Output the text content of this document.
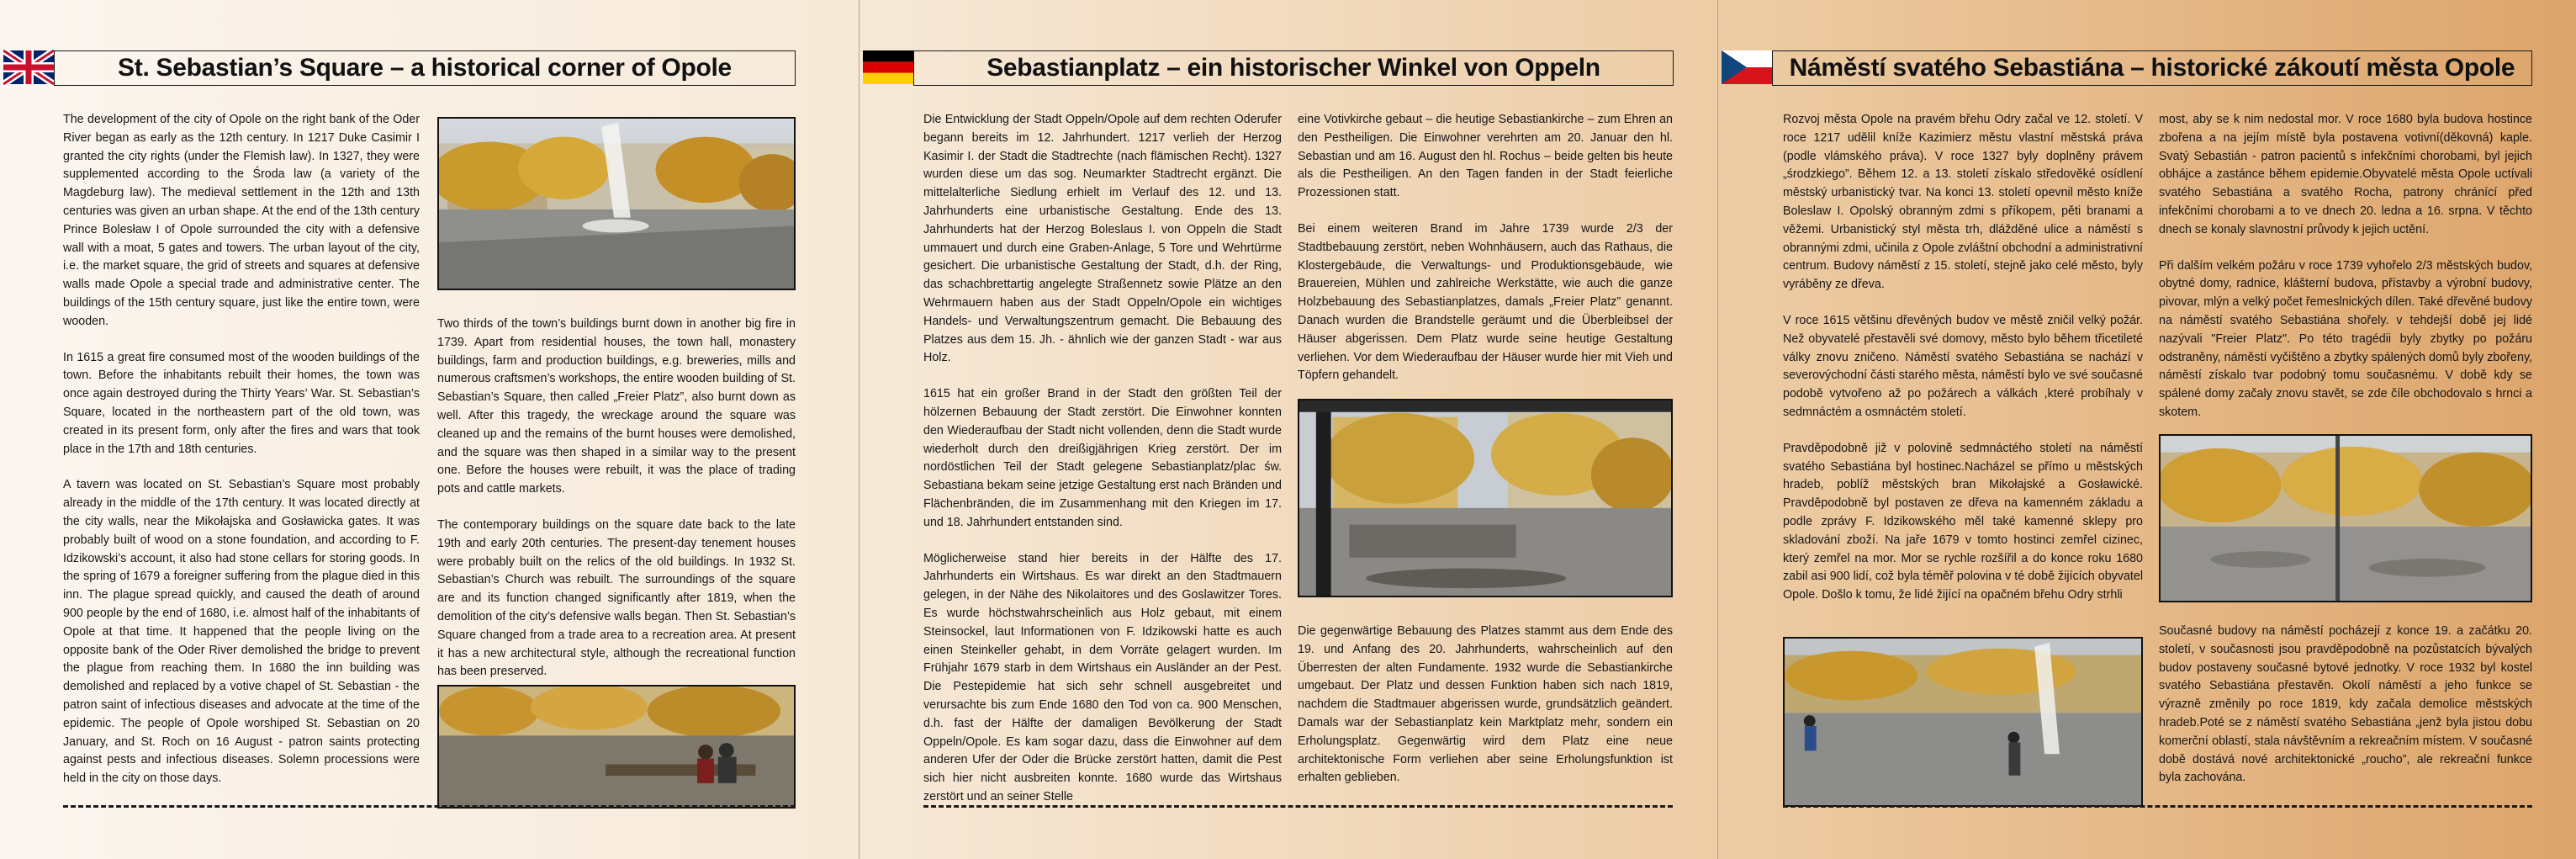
St. Sebastian’s Square – a historical corner of Opole

The development of the city of Opole on the right bank of the Oder River began as early as the 12th century. In 1217 Duke Casimir I granted the city rights (under the Flemish law). In 1327, they were supplemented according to the Środa law (a variety of the Magdeburg law). The medieval settlement in the 12th and 13th centuries was given an urban shape. At the end of the 13th century Prince Bolesław I of Opole surrounded the city with a defensive wall with a moat, 5 gates and towers. The urban layout of the city, i.e. the market square, the grid of streets and squares at defensive walls made Opole a special trade and administrative center. The buildings of the 15th century square, just like the entire town, were wooden.

In 1615 a great fire consumed most of the wooden buildings of the town. Before the inhabitants rebuilt their homes, the town was once again destroyed during the Thirty Years’ War. St. Sebastian’s Square, located in the northeastern part of the old town, was created in its present form, only after the fires and wars that took place in the 17th and 18th centuries.

A tavern was located on St. Sebastian’s Square most probably already in the middle of the 17th century. It was located directly at the city walls, near the Mikołajska and Gosławicka gates. It was probably built of wood on a stone foundation, and according to F. Idzikowski’s account, it also had stone cellars for storing goods. In the spring of 1679 a foreigner suffering from the plague died in this inn. The plague spread quickly, and caused the death of around 900 people by the end of 1680, i.e. almost half of the inhabitants of Opole at that time. It happened that the people living on the opposite bank of the Oder River demolished the bridge to prevent the plague from reaching them. In 1680 the inn building was demolished and replaced by a votive chapel of St. Sebastian - the patron saint of infectious diseases and advocate at the time of the epidemic. The people of Opole worshiped St. Sebastian on 20 January, and St. Roch on 16 August - patron saints protecting against pests and infectious diseases. Solemn processions were held in the city on those days.

Two thirds of the town’s buildings burnt down in another big fire in 1739. Apart from residential houses, the town hall, monastery buildings, farm and production buildings, e.g. breweries, mills and numerous craftsmen’s workshops, the entire wooden building of St. Sebastian’s Square, then called „Freier Platz”, also burnt down as well. After this tragedy, the wreckage around the square was cleaned up and the remains of the burnt houses were demolished, and the square was then shaped in a similar way to the present one. Before the houses were rebuilt, it was the place of trading pots and cattle markets.

The contemporary buildings on the square date back to the late 19th and early 20th centuries. The present-day tenement houses were probably built on the relics of the old buildings. In 1932 St. Sebastian’s Church was rebuilt. The surroundings of the square are and its function changed significantly after 1819, when the demolition of the city’s defensive walls began. Then St. Sebastian’s Square changed from a trade area to a recreation area. At present it has a new architectural style, although the recreational function has been preserved.

Sebastianplatz – ein historischer Winkel von Oppeln

Die Entwicklung der Stadt Oppeln/Opole auf dem rechten Oderufer begann bereits im 12. Jahrhundert. 1217 verlieh der Herzog Kasimir I. der Stadt die Stadtrechte (nach flämischen Recht). 1327 wurden diese um das sog. Neumarkter Stadtrecht ergänzt. Die mittelalterliche Siedlung erhielt im Verlauf des 12. und 13. Jahrhunderts eine urbanistische Gestaltung. Ende des 13. Jahrhunderts hat der Herzog Boleslaus I. von Oppeln die Stadt ummauert und durch eine Graben-Anlage, 5 Tore und Wehrtürme gesichert. Die urbanistische Gestaltung der Stadt, d.h. der Ring, das schachbrettartig angelegte Straßennetz sowie Plätze an den Wehrmauern haben aus der Stadt Oppeln/Opole ein wichtiges Handels- und Verwaltungszentrum gemacht. Die Bebauung des Platzes aus dem 15. Jh. - ähnlich wie der ganzen Stadt - war aus Holz.

1615 hat ein großer Brand in der Stadt den größten Teil der hölzernen Bebauung der Stadt zerstört. Die Einwohner konnten den Wiederaufbau der Stadt nicht vollenden, denn die Stadt wurde wiederholt durch den dreißigjährigen Krieg zerstört. Der im nordöstlichen Teil der Stadt gelegene Sebastianplatz/plac św. Sebastiana bekam seine jetzige Gestaltung erst nach Bränden und Flächenbränden, die im Zusammenhang mit den Kriegen im 17. und 18. Jahrhundert entstanden sind.

Möglicherweise stand hier bereits in der Hälfte des 17. Jahrhunderts ein Wirtshaus. Es war direkt an den Stadtmauern gelegen, in der Nähe des Nikolaitores und des Goslawitzer Tores. Es wurde höchstwahrscheinlich aus Holz gebaut, mit einem Steinsockel, laut Informationen von F. Idzikowski hatte es auch einen Steinkeller gehabt, in dem Vorräte gelagert wurden. Im Frühjahr 1679 starb in dem Wirtshaus ein Ausländer an der Pest. Die Pestepidemie hat sich sehr schnell ausgebreitet und verursachte bis zum Ende 1680 den Tod von ca. 900 Menschen, d.h. fast der Hälfte der damaligen Bevölkerung der Stadt Oppeln/Opole. Es kam sogar dazu, dass die Einwohner auf dem anderen Ufer der Oder die Brücke zerstört hatten, damit die Pest sich hier nicht ausbreiten konnte. 1680 wurde das Wirtshaus zerstört und an seiner Stelle

eine Votivkirche gebaut – die heutige Sebastiankirche – zum Ehren an den Pestheiligen. Die Einwohner verehrten am 20. Januar den hl. Sebastian und am 16. August den hl. Rochus – beide gelten bis heute als die Pestheiligen. An den Tagen fanden in der Stadt feierliche Prozessionen statt.

Bei einem weiteren Brand im Jahre 1739 wurde 2/3 der Stadtbebauung zerstört, neben Wohnhäusern, auch das Rathaus, die Klostergebäude, die Verwaltungs- und Produktionsgebäude, wie Brauereien, Mühlen und zahlreiche Werkstätte, wie auch die ganze Holzbebauung des Sebastianplatzes, damals „Freier Platz” genannt. Danach wurden die Brandstelle geräumt und die Überbleibsel der Häuser abgerissen. Dem Platz wurde seine heutige Gestaltung verliehen. Vor dem Wiederaufbau der Häuser wurde hier mit Vieh und Töpfern gehandelt.

Die gegenwärtige Bebauung des Platzes stammt aus dem Ende des 19. und Anfang des 20. Jahrhunderts, wahrscheinlich auf den Überresten der alten Fundamente. 1932 wurde die Sebastiankirche umgebaut. Der Platz und dessen Funktion haben sich nach 1819, nachdem die Stadtmauer abgerissen wurde, grundsätzlich geändert. Damals war der Sebastianplatz kein Marktplatz mehr, sondern ein Erholungsplatz. Gegenwärtig wird dem Platz eine neue architektonische Form verliehen aber seine Erholungsfunktion ist erhalten geblieben.

Náměstí svatého Sebastiána – historické zákoutí města Opole

Rozvoj města Opole na pravém břehu Odry začal ve 12. století. V roce 1217 udělil kníže Kazimierz městu vlastní městská práva (podle vlámského práva). V roce 1327 byly doplněny právem „środzkiego”. Během 12. a 13. století získalo středověké osídlení městský urbanistický tvar. Na konci 13. století opevnil město kníže Boleslaw I. Opolský obranným zdmi s příkopem, pěti branami a věžemi. Urbanistický styl města trh, dlážděné ulice a náměstí s obrannými zdmi, učinila z Opole zvláštní obchodní a administrativní centrum. Budovy náměstí z 15. století, stejně jako celé město, byly vyráběny ze dřeva.

V roce 1615 většinu dřevěných budov ve městě zničil velký požár. Než obyvatelé přestavěli své domovy, město bylo během třicetileté války znovu zničeno. Náměstí svatého Sebastiána se nachází v severovýchodní části starého města, náměstí bylo ve své současné podobě vytvořeno až po požárech a válkách ,které probíhaly v sedmnáctém a osmnáctém století.

Pravděpodobně již v polovině sedmnáctého století na náměstí svatého Sebastiána byl hostinec.Nacházel se přímo u městských hradeb, poblíž městských bran Mikołajské a Gosławické. Pravděpodobně byl postaven ze dřeva na kamenném základu a podle zprávy F. Idzikowského měl také kamenné sklepy pro skladování zboží. Na jaře 1679 v tomto hostinci zemřel cizinec, který zemřel na mor. Mor se rychle rozšířil a do konce roku 1680 zabil asi 900 lidí, což byla téměř polovina v té době žijících obyvatel Opole. Došlo k tomu, že lidé žijící na opačném břehu Odry strhli

most, aby se k nim nedostal mor. V roce 1680 byla budova hostince zbořena a na jejím místě byla postavena votivní(děkovná) kaple. Svatý Sebastián - patron pacientů s infekčními chorobami, byl jejich obhájce a zastánce během epidemie.Obyvatelé města Opole uctívali svatého Sebastiána a svatého Rocha, patrony chránící před infekčními chorobami a to ve dnech 20. ledna a 16. srpna. V těchto dnech se konaly slavnostní průvody k jejich uctění.

Při dalším velkém požáru v roce 1739 vyhořelo 2/3 městských budov, obytné domy, radnice, klášterní budova, přístavby a výrobní budovy, pivovar, mlýn a velký počet řemeslnických dílen. Také dřevěné budovy na náměstí svatého Sebastiána shořely. v tehdejší době jej lidé nazývali "Freier Platz". Po této tragédii byly zbytky po požáru odstraněny, náměstí vyčištěno a zbytky spálených domů byly zbořeny, náměstí získalo tvar podobný tomu současnému. V době kdy se spálené domy začaly znovu stavět, se zde číle obchodovalo s hrnci a skotem.

Současné budovy na náměstí pocházejí z konce 19. a začátku 20. století, v současnosti jsou pravděpodobně na pozůstatcích bývalých budov postaveny současné bytové jednotky. V roce 1932 byl kostel svatého Sebastiána přestavěn. Okolí náměstí a jeho funkce se výrazně změnily po roce 1819, kdy začala demolice městských hradeb.Poté se z náměstí svatého Sebastiána „jenž byla jistou dobu komerční oblastí, stala návštěvním a rekreačním místem. V současné době dostává nové architektonické „roucho”, ale rekreační funkce byla zachována.
